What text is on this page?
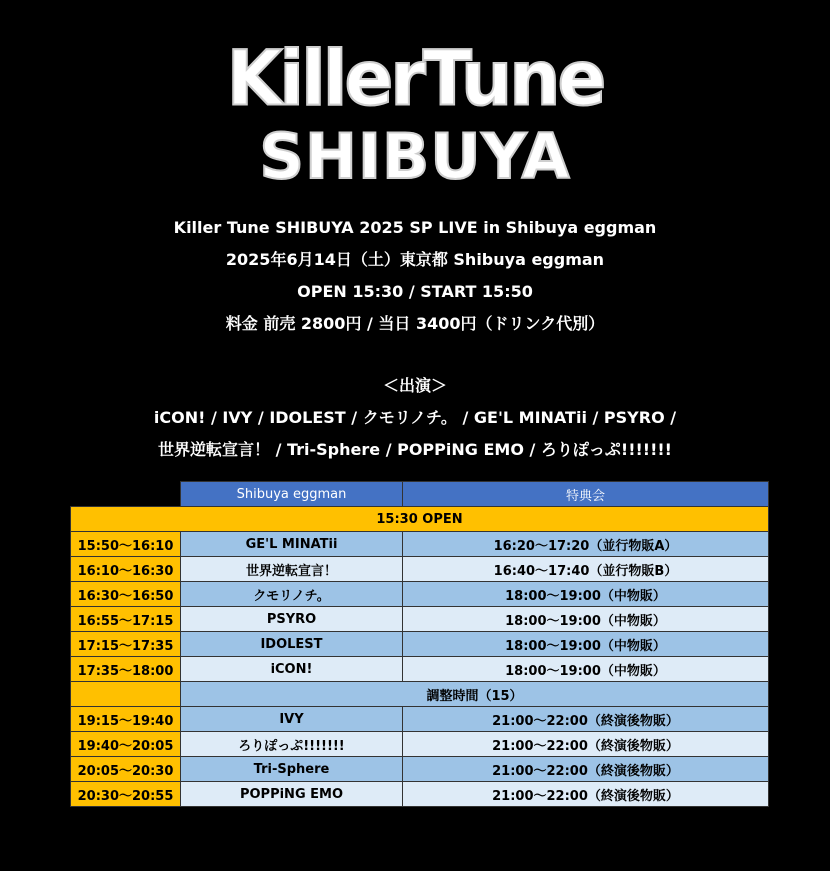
KillerTune
SHIBUYA
Killer Tune SHIBUYA 2025 SP LIVE in Shibuya eggman
2025年6月14日（土）東京都 Shibuya eggman
OPEN 15:30 / START 15:50
料金 前売 2800円 / 当日 3400円（ドリンク代別）
＜出演＞
iCON! / IVY / IDOLEST / クモリノチ。 / GE'L MINATii / PSYRO /
世界逆転宣言！ / Tri-Sphere / POPPiNG EMO / ろりぽっぷ!!!!!!!
	Shibuya eggman	特典会
15:30 OPEN		
15:50～16:10	GE'L MINATii	16:20～17:20（並行物販A）
16:10～16:30	世界逆転宣言！	16:40～17:40（並行物販B）
16:30～16:50	クモリノチ。	18:00～19:00（中物販）
16:55～17:15	PSYRO	18:00～19:00（中物販）
17:15～17:35	IDOLEST	18:00～19:00（中物販）
17:35～18:00	iCON!	18:00～19:00（中物販）
	調整時間（15）	
19:15～19:40	IVY	21:00～22:00（終演後物販）
19:40～20:05	ろりぽっぷ!!!!!!!	21:00～22:00（終演後物販）
20:05～20:30	Tri-Sphere	21:00～22:00（終演後物販）
20:30～20:55	POPPiNG EMO	21:00～22:00（終演後物販）
